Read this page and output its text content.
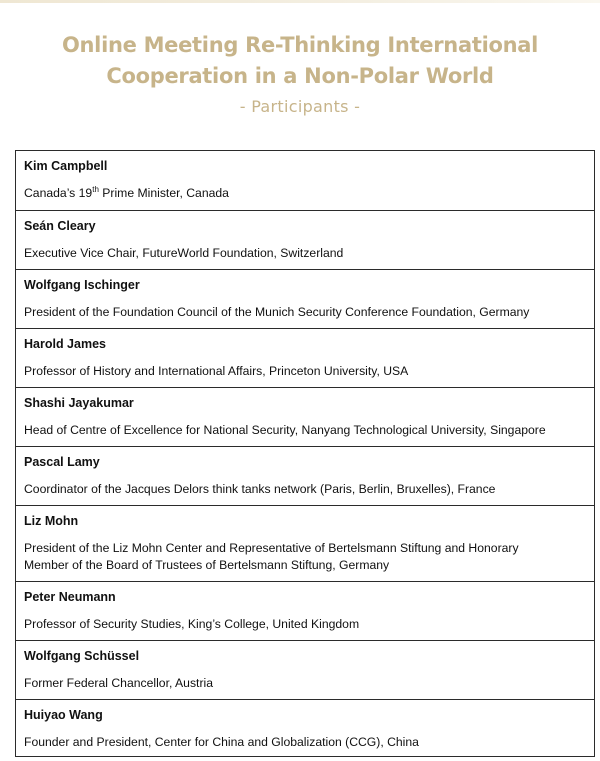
Online Meeting Re-Thinking International
Cooperation in a Non-Polar World
- Participants -
Kim Campbell
Canada’s 19th Prime Minister, Canada
Seán Cleary
Executive Vice Chair, FutureWorld Foundation, Switzerland
Wolfgang Ischinger
President of the Foundation Council of the Munich Security Conference Foundation, Germany
Harold James
Professor of History and International Affairs, Princeton University, USA
Shashi Jayakumar
Head of Centre of Excellence for National Security, Nanyang Technological University, Singapore
Pascal Lamy
Coordinator of the Jacques Delors think tanks network (Paris, Berlin, Bruxelles), France
Liz Mohn
President of the Liz Mohn Center and Representative of Bertelsmann Stiftung and Honorary
Member of the Board of Trustees of Bertelsmann Stiftung, Germany
Peter Neumann
Professor of Security Studies, King’s College, United Kingdom
Wolfgang Schüssel
Former Federal Chancellor, Austria
Huiyao Wang
Founder and President, Center for China and Globalization (CCG), China
